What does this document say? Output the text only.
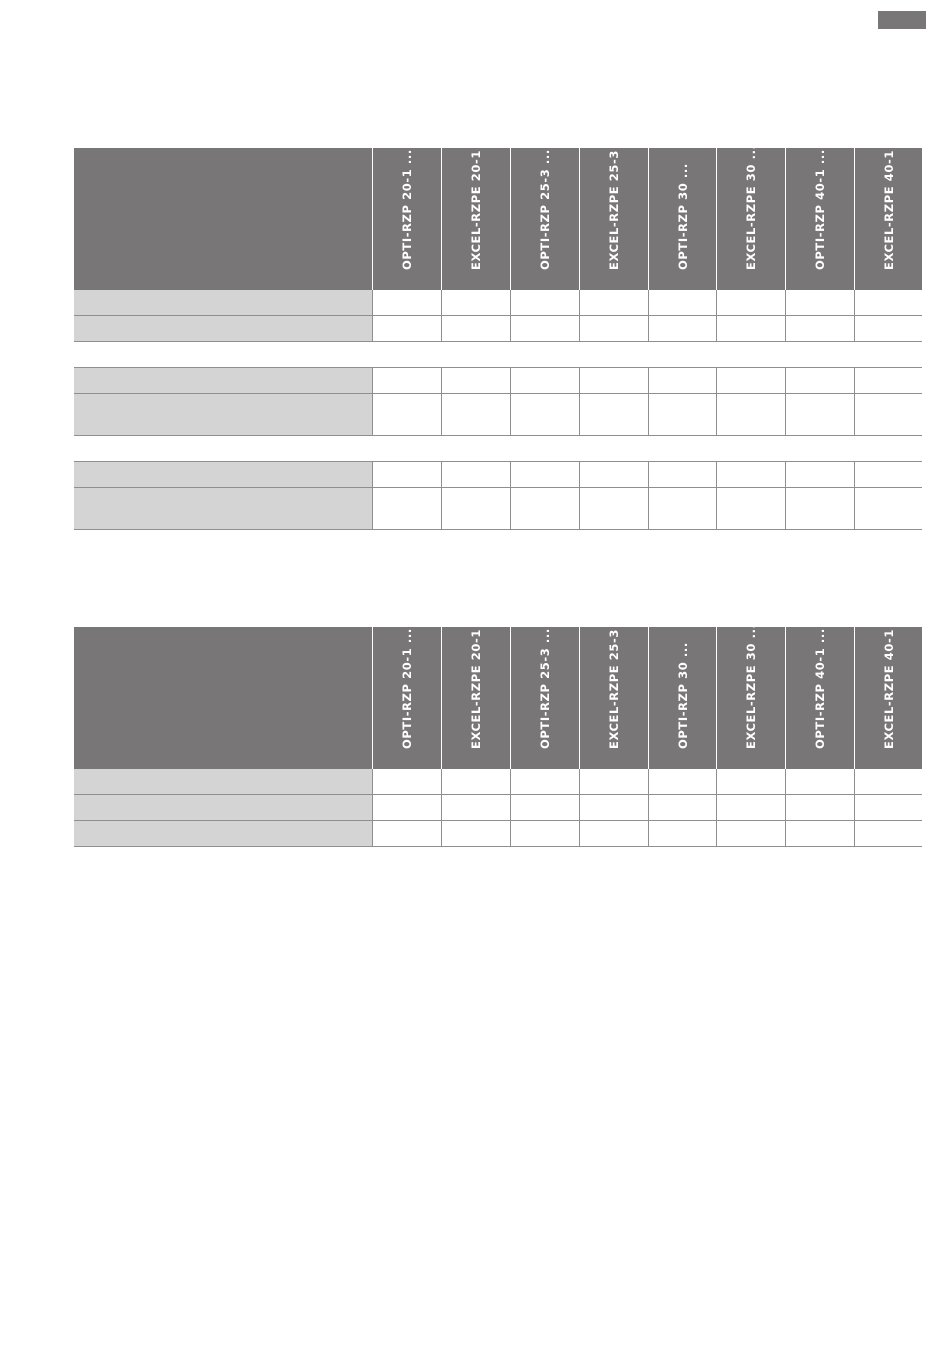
OPTI-RZP 20-1 ...	EXCEL-RZPE 20-1 ...	OPTI-RZP 25-3 ...	EXCEL-RZPE 25-3 ...	OPTI-RZP 30 ...	EXCEL-RZPE 30 ...	OPTI-RZP 40-1 ...	EXCEL-RZPE 40-1 ...
OPTI-RZP 20-1 ...	EXCEL-RZPE 20-1 ...	OPTI-RZP 25-3 ...	EXCEL-RZPE 25-3 ...	OPTI-RZP 30 ...	EXCEL-RZPE 30 ...	OPTI-RZP 40-1 ...	EXCEL-RZPE 40-1 ...
